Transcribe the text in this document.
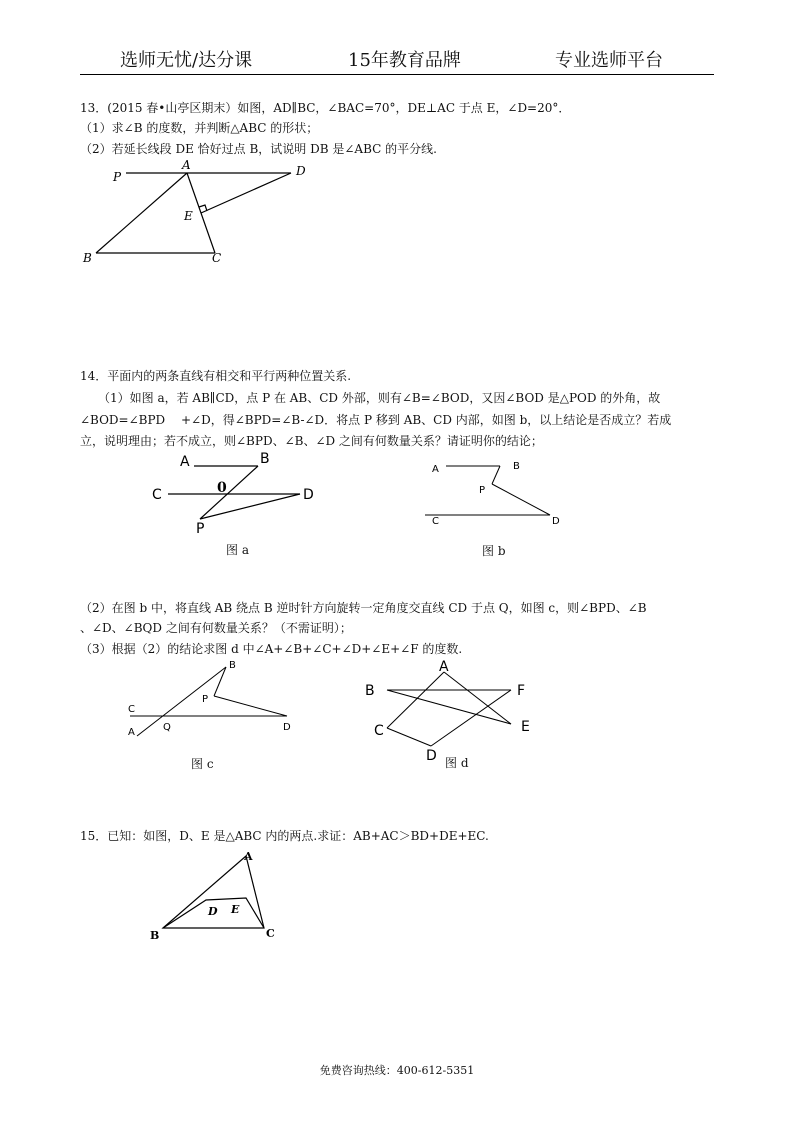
选师无忧/达分课	15年教育品牌	专业选师平台
13．(2015 春•山亭区期末）如图，AD∥BC，∠BAC=70°，DE⊥AC 于点 E，∠D=20°．
（1）求∠B 的度数，并判断△ABC 的形状；
（2）若延长线段 DE 恰好过点 B，试说明 DB 是∠ABC 的平分线.
P
A	D
E
B	C
A	B
C	0	D
P
A	B
P
C	D
B
P
C
Q
A	D
A
B	F
C	E
D
A
B	C
D E
14．平面内的两条直线有相交和平行两种位置关系.
（1）如图 a，若 AB∥CD，点 P 在 AB、CD 外部，则有∠B=∠BOD，又因∠BOD 是△POD 的外角，故
∠BOD=∠BPD　 +∠D，得∠BPD=∠B-∠D．将点 P 移到 AB、CD 内部，如图 b，以上结论是否成立？若成
立，说明理由；若不成立，则∠BPD、∠B、∠D 之间有何数量关系？请证明你的结论；
图 a	图 b
（2）在图 b 中，将直线 AB 绕点 B 逆时针方向旋转一定角度交直线 CD 于点 Q，如图 c，则∠BPD、∠B
、∠D、∠BQD 之间有何数量关系？（不需证明）；
（3）根据（2）的结论求图 d 中∠A+∠B+∠C+∠D+∠E+∠F 的度数.
图 c	图 d
15．已知：如图，D、E 是△ABC 内的两点.求证：AB+AC＞BD+DE+EC.
免费咨询热线：400-612-5351
